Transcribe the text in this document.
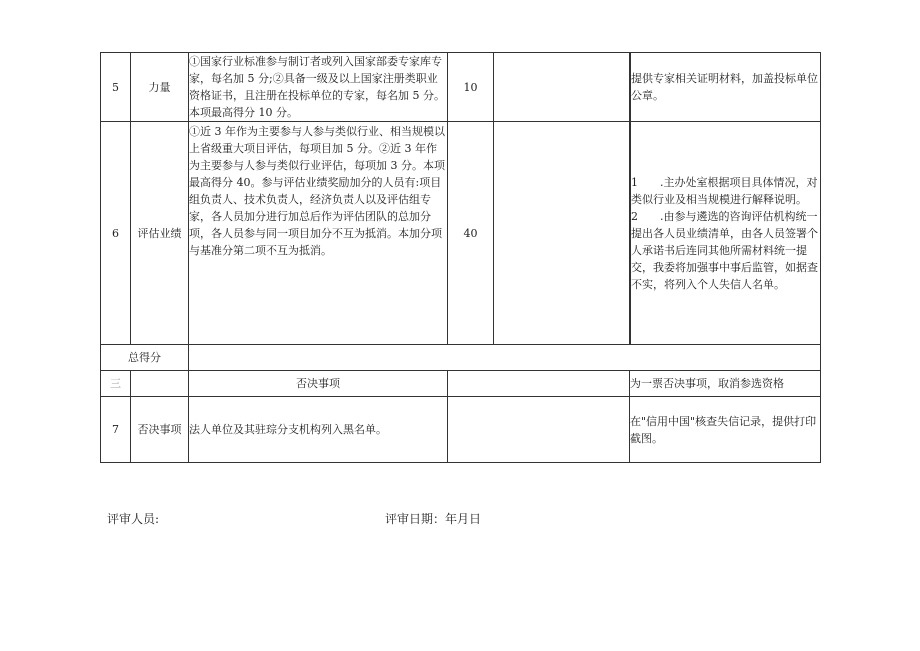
5	力量	①国家行业标准参与制订者或列入国家部委专家库专家，每名加 5 分;②具备一级及以上国家注册类职业资格证书，且注册在投标单位的专家，每名加 5 分。本项最高得分 10 分。	10			提供专家相关证明材料，加盖投标单位公章。
6	评估业绩	①近 3 年作为主要参与人参与类似行业、相当规模以上省级重大项目评估，每项目加 5 分。②近 3 年作为主要参与人参与类似行业评估，每项加 3 分。本项最高得分 40。参与评估业绩奖励加分的人员有:项目组负责人、技术负责人，经济负责人以及评估组专家，各人员加分进行加总后作为评估团队的总加分项，各人员参与同一项目加分不互为抵消。本加分项与基准分第二项不互为抵消。	40			1　　.主办处室根据项目具体情况，对类似行业及相当规模进行解释说明。2　　.由参与遴选的咨询评估机构统一提出各人员业绩清单，由各人员签署个人承诺书后连同其他所需材料统一提交，我委将加强事中事后监管，如据查不实，将列入个人失信人名单。
总得分					
三		否决事项			为一票否决事项，取消参选资格
7	否决事项	法人单位及其驻琮分支机构列入黑名单。			在"信用中国"核查失信记录，提供打印截图。
评审人员:	评审日期：年月日
